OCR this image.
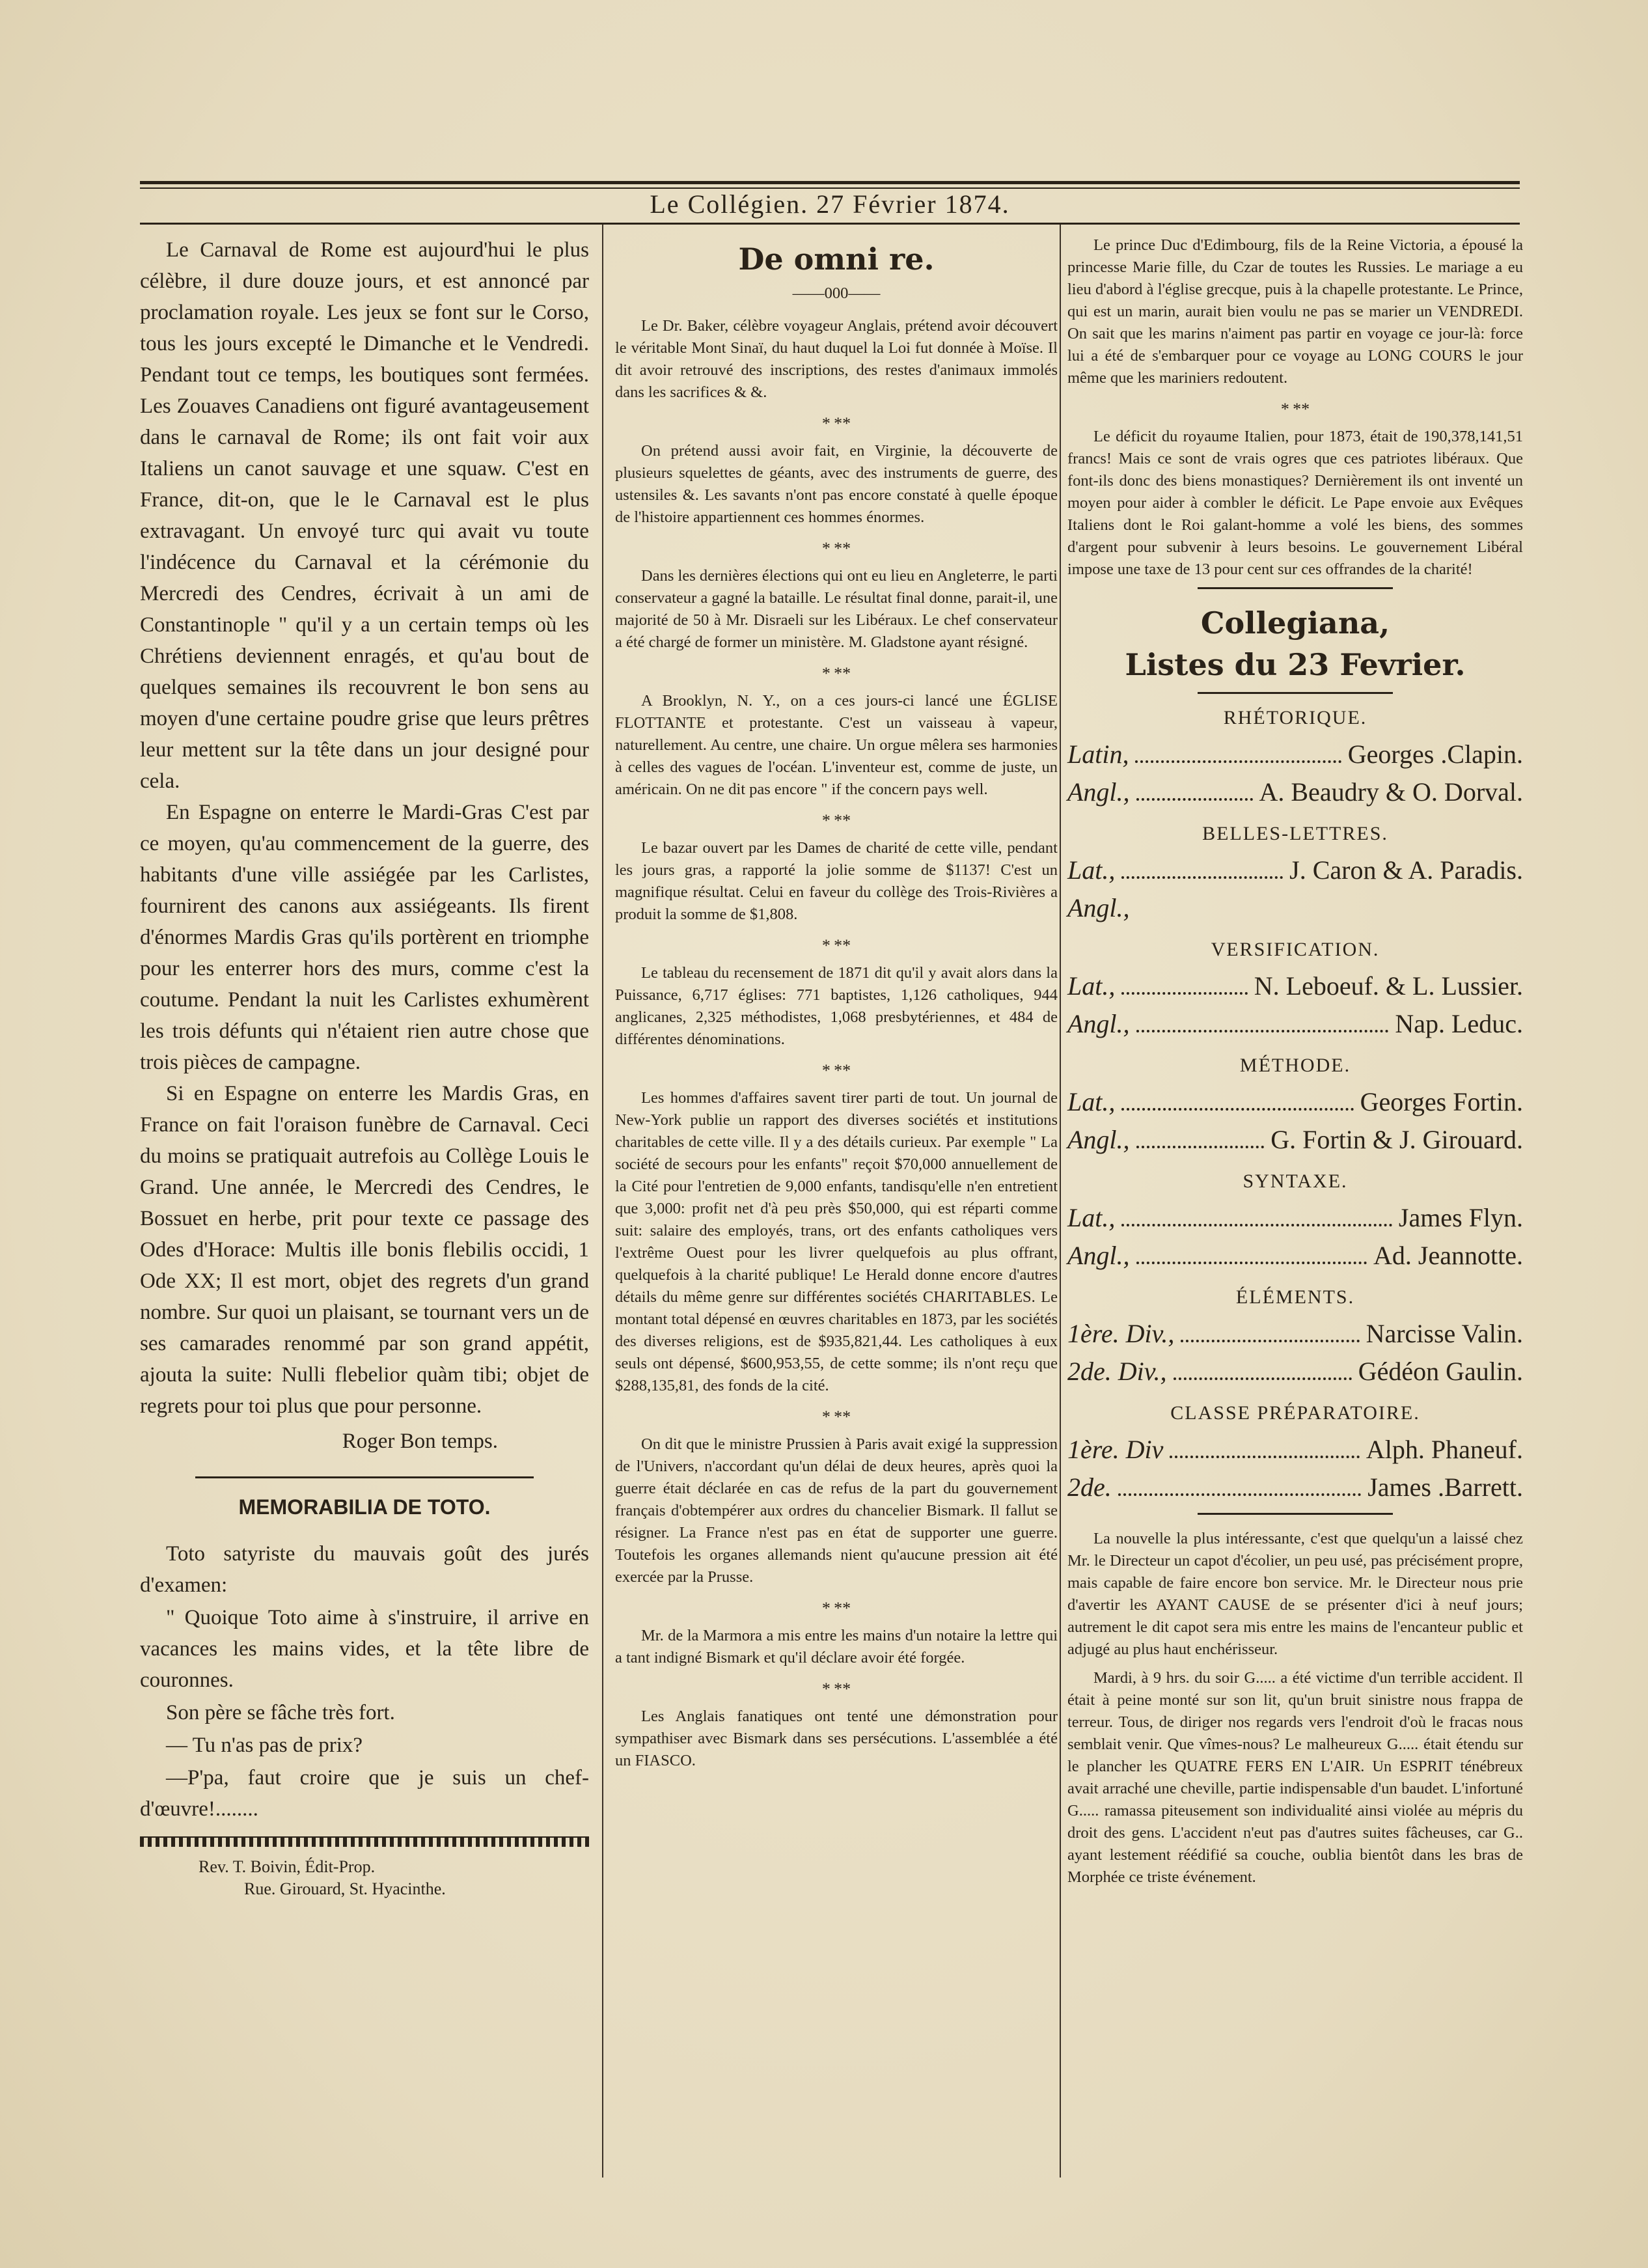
Le Collégien. 27 Février 1874.

Le Carnaval de Rome est aujourd'hui le plus célèbre, il dure douze jours, et est annoncé par proclamation royale. Les jeux se font sur le Corso, tous les jours excepté le Dimanche et le Vendredi. Pendant tout ce temps, les boutiques sont fermées. Les Zouaves Canadiens ont figuré avantageusement dans le carnaval de Rome; ils ont fait voir aux Italiens un canot sauvage et une squaw. C'est en France, dit-on, que le le Carnaval est le plus extravagant. Un envoyé turc qui avait vu toute l'indécence du Carnaval et la cérémonie du Mercredi des Cendres, écrivait à un ami de Constantinople " qu'il y a un certain temps où les Chrétiens deviennent enragés, et qu'au bout de quelques semaines ils recouvrent le bon sens au moyen d'une certaine poudre grise que leurs prêtres leur mettent sur la tête dans un jour designé pour cela.

En Espagne on enterre le Mardi-Gras C'est par ce moyen, qu'au commencement de la guerre, des habitants d'une ville assiégée par les Carlistes, fournirent des canons aux assiégeants. Ils firent d'énormes Mardis Gras qu'ils portèrent en triomphe pour les enterrer hors des murs, comme c'est la coutume. Pendant la nuit les Carlistes exhumèrent les trois défunts qui n'étaient rien autre chose que trois pièces de campagne.

Si en Espagne on enterre les Mardis Gras, en France on fait l'oraison funèbre de Carnaval. Ceci du moins se pratiquait autrefois au Collège Louis le Grand. Une année, le Mercredi des Cendres, le Bossuet en herbe, prit pour texte ce passage des Odes d'Horace: Multis ille bonis flebilis occidi, 1 Ode XX; Il est mort, objet des regrets d'un grand nombre. Sur quoi un plaisant, se tournant vers un de ses camarades renommé par son grand appétit, ajouta la suite: Nulli flebelior quàm tibi; objet de regrets pour toi plus que pour personne.

Roger Bon temps.

MEMORABILIA DE TOTO.

Toto satyriste du mauvais goût des jurés d'examen:

" Quoique Toto aime à s'instruire, il arrive en vacances les mains vides, et la tête libre de couronnes.

Son père se fâche très fort.

— Tu n'as pas de prix?

—P'pa, faut croire que je suis un chef-d'œuvre!........

Rev. T. Boivin, Édit-Prop.
Rue. Girouard, St. Hyacinthe.
De omni re.
——000——

Le Dr. Baker, célèbre voyageur Anglais, prétend avoir découvert le véritable Mont Sinaï, du haut duquel la Loi fut donnée à Moïse. Il dit avoir retrouvé des inscriptions, des restes d'animaux immolés dans les sacrifices & &.

* **

On prétend aussi avoir fait, en Virginie, la découverte de plusieurs squelettes de géants, avec des instruments de guerre, des ustensiles &. Les savants n'ont pas encore constaté à quelle époque de l'histoire appartiennent ces hommes énormes.

* **

Dans les dernières élections qui ont eu lieu en Angleterre, le parti conservateur a gagné la bataille. Le résultat final donne, parait-il, une majorité de 50 à Mr. Disraeli sur les Libéraux. Le chef conservateur a été chargé de former un ministère. M. Gladstone ayant résigné.

* **

A Brooklyn, N. Y., on a ces jours-ci lancé une ÉGLISE FLOTTANTE et protestante. C'est un vaisseau à vapeur, naturellement. Au centre, une chaire. Un orgue mêlera ses harmonies à celles des vagues de l'océan. L'inventeur est, comme de juste, un américain. On ne dit pas encore " if the concern pays well.

* **

Le bazar ouvert par les Dames de charité de cette ville, pendant les jours gras, a rapporté la jolie somme de $1137! C'est un magnifique résultat. Celui en faveur du collège des Trois-Rivières a produit la somme de $1,808.

* **

Le tableau du recensement de 1871 dit qu'il y avait alors dans la Puissance, 6,717 églises: 771 baptistes, 1,126 catholiques, 944 anglicanes, 2,325 méthodistes, 1,068 presbytériennes, et 484 de différentes dénominations.

* **

Les hommes d'affaires savent tirer parti de tout. Un journal de New-York publie un rapport des diverses sociétés et institutions charitables de cette ville. Il y a des détails curieux. Par exemple " La société de secours pour les enfants" reçoit $70,000 annuellement de la Cité pour l'entretien de 9,000 enfants, tandisqu'elle n'en entretient que 3,000: profit net d'à peu près $50,000, qui est réparti comme suit: salaire des employés, trans, ort des enfants catholiques vers l'extrême Ouest pour les livrer quelquefois au plus offrant, quelquefois à la charité publique! Le Herald donne encore d'autres détails du même genre sur différentes sociétés CHARITABLES. Le montant total dépensé en œuvres charitables en 1873, par les sociétés des diverses religions, est de $935,821,44. Les catholiques à eux seuls ont dépensé, $600,953,55, de cette somme; ils n'ont reçu que $288,135,81, des fonds de la cité.

* **

On dit que le ministre Prussien à Paris avait exigé la suppression de l'Univers, n'accordant qu'un délai de deux heures, après quoi la guerre était déclarée en cas de refus de la part du gouvernement français d'obtempérer aux ordres du chancelier Bismark. Il fallut se résigner. La France n'est pas en état de supporter une guerre. Toutefois les organes allemands nient qu'aucune pression ait été exercée par la Prusse.

* **

Mr. de la Marmora a mis entre les mains d'un notaire la lettre qui a tant indigné Bismark et qu'il déclare avoir été forgée.

* **

Les Anglais fanatiques ont tenté une démonstration pour sympathiser avec Bismark dans ses persécutions. L'assemblée a été un FIASCO.

Le prince Duc d'Edimbourg, fils de la Reine Victoria, a épousé la princesse Marie fille, du Czar de toutes les Russies. Le mariage a eu lieu d'abord à l'église grecque, puis à la chapelle protestante. Le Prince, qui est un marin, aurait bien voulu ne pas se marier un VENDREDI. On sait que les marins n'aiment pas partir en voyage ce jour-là: force lui a été de s'embarquer pour ce voyage au LONG COURS le jour même que les mariniers redoutent.

* **

Le déficit du royaume Italien, pour 1873, était de 190,378,141,51 francs! Mais ce sont de vrais ogres que ces patriotes libéraux. Que font-ils donc des biens monastiques? Dernièrement ils ont inventé un moyen pour aider à combler le déficit. Le Pape envoie aux Evêques Italiens dont le Roi galant-homme a volé les biens, des sommes d'argent pour subvenir à leurs besoins. Le gouvernement Libéral impose une taxe de 13 pour cent sur ces offrandes de la charité!

Collegiana,
Listes du 23 Fevrier.
RHÉTORIQUE.
Latin,	Georges .Clapin.
Angl.,	A. Beaudry & O. Dorval.
BELLES-LETTRES.
Lat.,	J. Caron & A. Paradis.
Angl.,
VERSIFICATION.
Lat.,	N. Leboeuf. & L. Lussier.
Angl.,	Nap. Leduc.
MÉTHODE.
Lat.,	Georges Fortin.
Angl.,	G. Fortin & J. Girouard.
SYNTAXE.
Lat.,	James Flyn.
Angl.,	Ad. Jeannotte.
ÉLÉMENTS.
1ère. Div.,	Narcisse Valin.
2de. Div.,	Gédéon Gaulin.
CLASSE PRÉPARATOIRE.
1ère. Div	Alph. Phaneuf.
2de.	James .Barrett.

La nouvelle la plus intéressante, c'est que quelqu'un a laissé chez Mr. le Directeur un capot d'écolier, un peu usé, pas précisément propre, mais capable de faire encore bon service. Mr. le Directeur nous prie d'avertir les AYANT CAUSE de se présenter d'ici à neuf jours; autrement le dit capot sera mis entre les mains de l'encanteur public et adjugé au plus haut enchérisseur.

Mardi, à 9 hrs. du soir G..... a été victime d'un terrible accident. Il était à peine monté sur son lit, qu'un bruit sinistre nous frappa de terreur. Tous, de diriger nos regards vers l'endroit d'où le fracas nous semblait venir. Que vîmes-nous? Le malheureux G..... était étendu sur le plancher les QUATRE FERS EN L'AIR. Un ESPRIT ténébreux avait arraché une cheville, partie indispensable d'un baudet. L'infortuné G..... ramassa piteusement son individualité ainsi violée au mépris du droit des gens. L'accident n'eut pas d'autres suites fâcheuses, car G.. ayant lestement réédifié sa couche, oublia bientôt dans les bras de Morphée ce triste événement.
